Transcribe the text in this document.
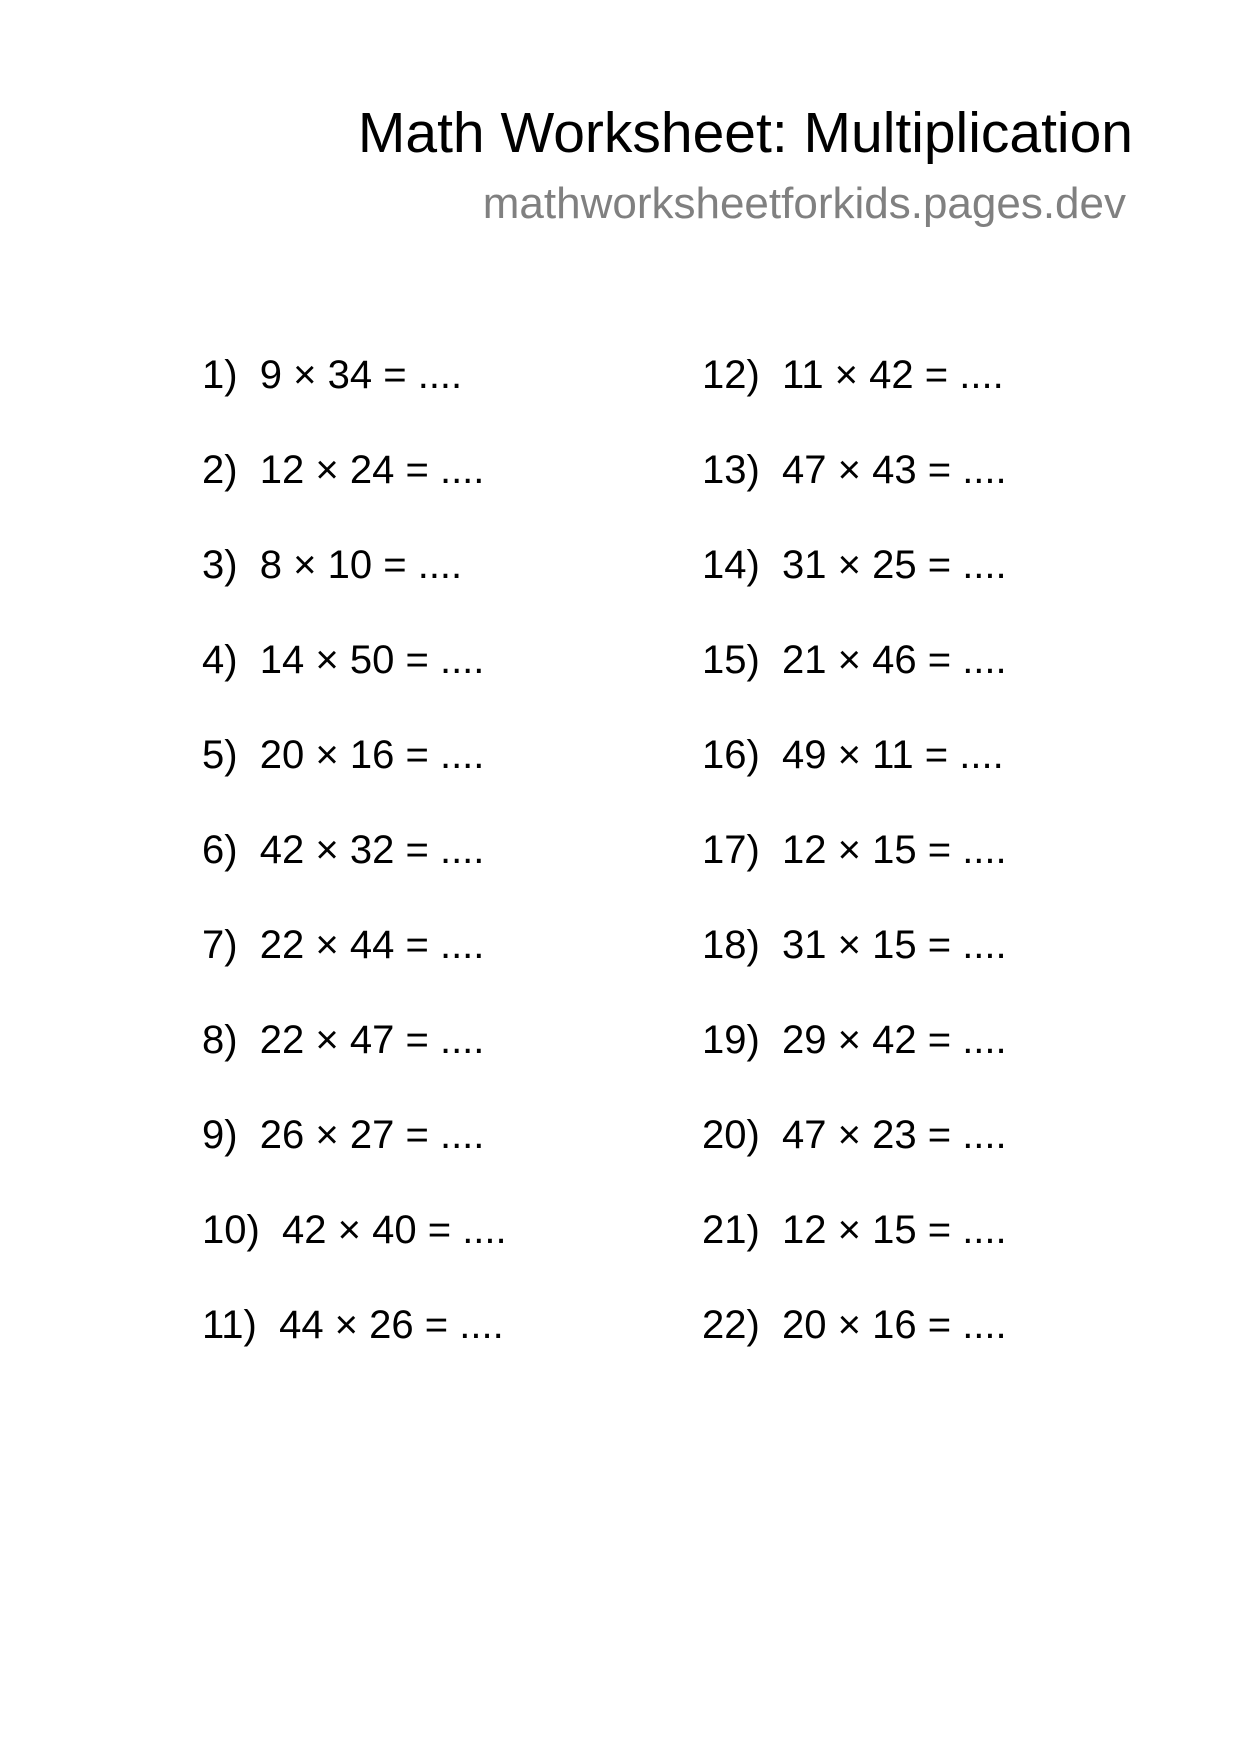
Math Worksheet: Multiplication
mathworksheetforkids.pages.dev
1)  9 × 34 = ....
2)  12 × 24 = ....
3)  8 × 10 = ....
4)  14 × 50 = ....
5)  20 × 16 = ....
6)  42 × 32 = ....
7)  22 × 44 = ....
8)  22 × 47 = ....
9)  26 × 27 = ....
10)  42 × 40 = ....
11)  44 × 26 = ....
12)  11 × 42 = ....
13)  47 × 43 = ....
14)  31 × 25 = ....
15)  21 × 46 = ....
16)  49 × 11 = ....
17)  12 × 15 = ....
18)  31 × 15 = ....
19)  29 × 42 = ....
20)  47 × 23 = ....
21)  12 × 15 = ....
22)  20 × 16 = ....
